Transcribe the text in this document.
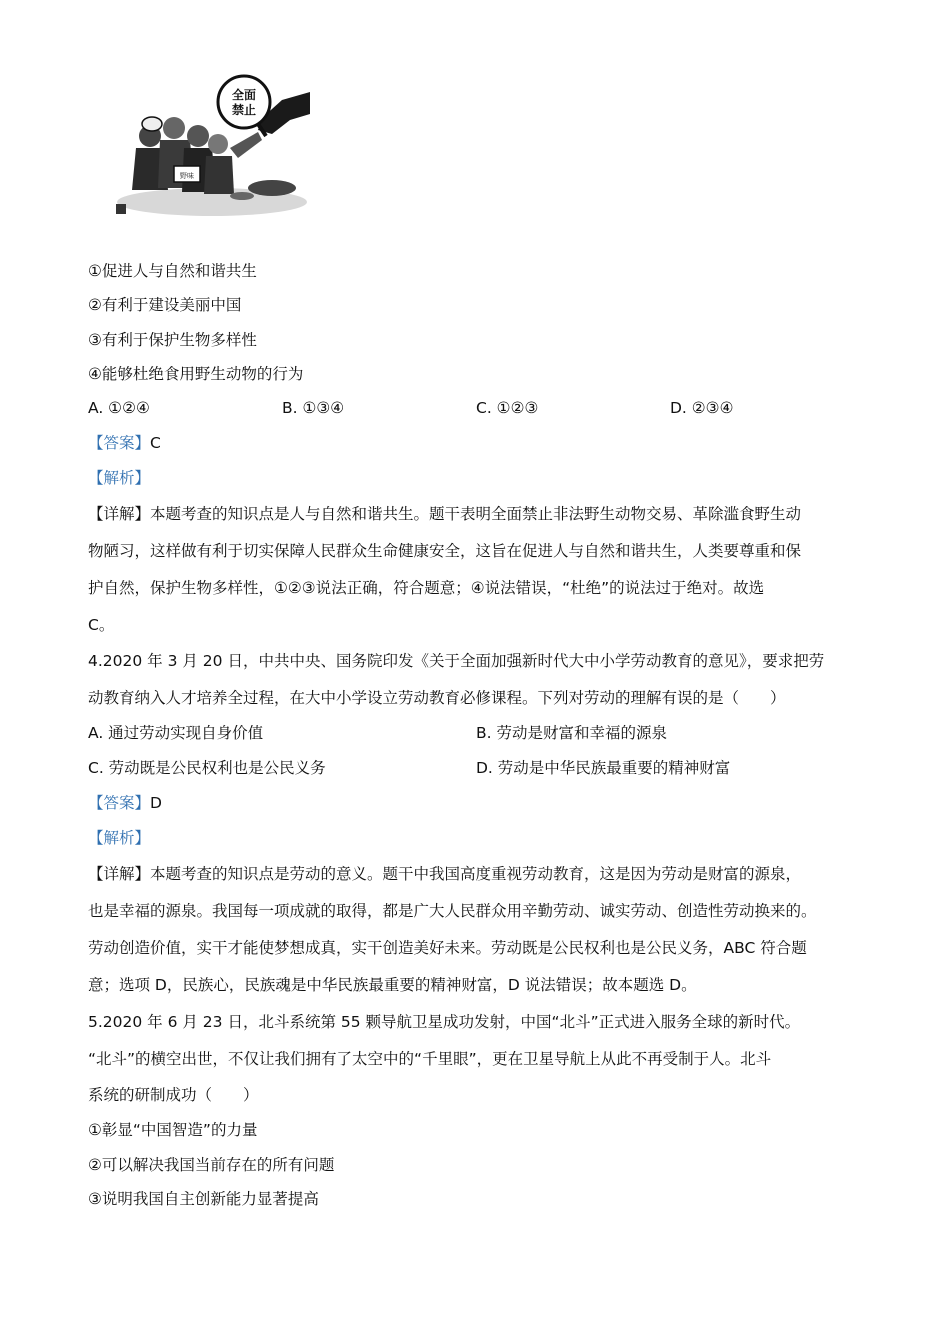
全面
禁止
野味
①促进人与自然和谐共生
②有利于建设美丽中国
③有利于保护生物多样性
④能够杜绝食用野生动物的行为
A. ①②④	B. ①③④	C. ①②③	D. ②③④
【答案】C
【解析】
【详解】本题考查的知识点是人与自然和谐共生。题干表明全面禁止非法野生动物交易、革除滥食野生动
物陋习，这样做有利于切实保障人民群众生命健康安全，这旨在促进人与自然和谐共生，人类要尊重和保
护自然，保护生物多样性，①②③说法正确，符合题意；④说法错误，“杜绝”的说法过于绝对。故选
C。
4.2020 年 3 月 20 日，中共中央、国务院印发《关于全面加强新时代大中小学劳动教育的意见》，要求把劳
动教育纳入人才培养全过程，在大中小学设立劳动教育必修课程。下列对劳动的理解有误的是（　　）
A. 通过劳动实现自身价值	B. 劳动是财富和幸福的源泉
C. 劳动既是公民权利也是公民义务	D. 劳动是中华民族最重要的精神财富
【答案】D
【解析】
【详解】本题考查的知识点是劳动的意义。题干中我国高度重视劳动教育，这是因为劳动是财富的源泉，
也是幸福的源泉。我国每一项成就的取得，都是广大人民群众用辛勤劳动、诚实劳动、创造性劳动换来的。
劳动创造价值，实干才能使梦想成真，实干创造美好未来。劳动既是公民权利也是公民义务，ABC 符合题
意；选项 D，民族心，民族魂是中华民族最重要的精神财富，D 说法错误；故本题选 D。
5.2020 年 6 月 23 日，北斗系统第 55 颗导航卫星成功发射，中国“北斗”正式进入服务全球的新时代。
“北斗”的横空出世，不仅让我们拥有了太空中的“千里眼”，更在卫星导航上从此不再受制于人。北斗
系统的研制成功（　　）
①彰显“中国智造”的力量
②可以解决我国当前存在的所有问题
③说明我国自主创新能力显著提高
